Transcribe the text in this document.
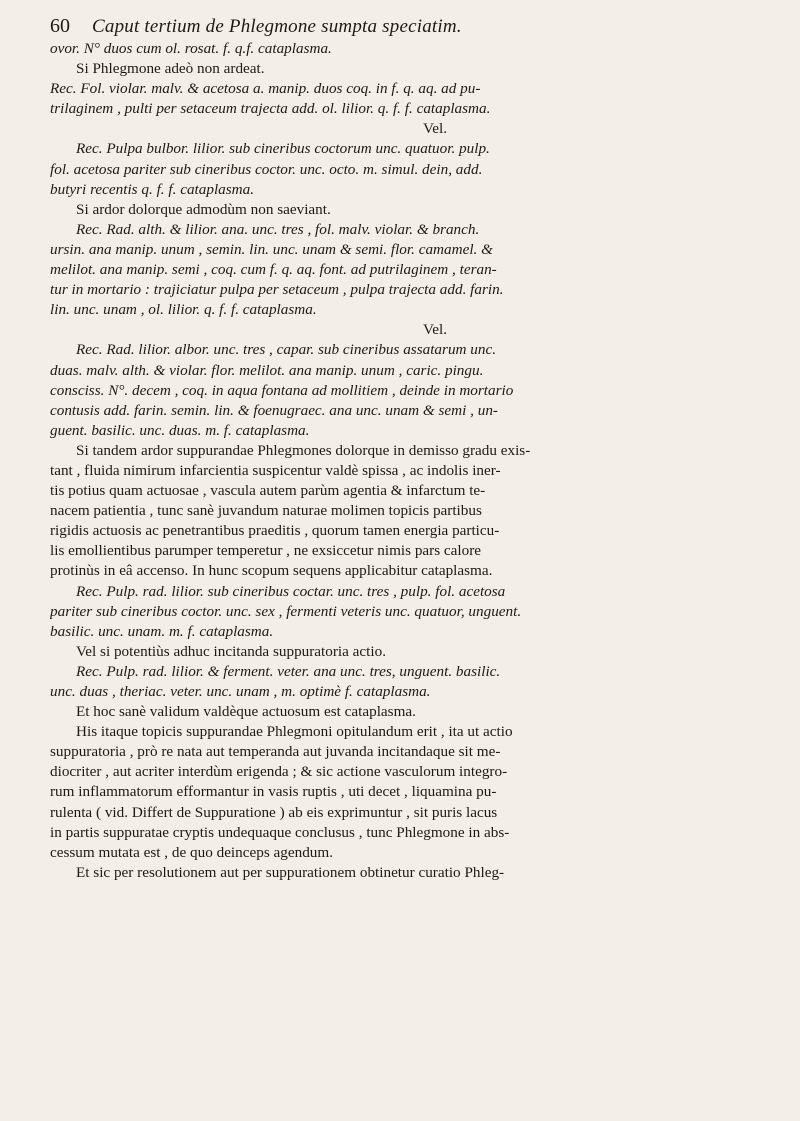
60 Caput tertium de Phlegmone sumpta speciatim.
ovor. N° duos cum ol. rosat. f. q.f. cataplasma.
Si Phlegmone adeò non ardeat.
Rec. Fol. violar. malv. & acetosa a. manip. duos coq. in f. q. aq. ad pu-
trilaginem , pulti per setaceum trajecta add. ol. lilior. q. f. f. cataplasma.
Vel.
Rec. Pulpa bulbor. lilior. sub cineribus coctorum unc. quatuor. pulp.
fol. acetosa pariter sub cineribus coctor. unc. octo. m. simul. dein, add.
butyri recentis q. f. f. cataplasma.
Si ardor dolorque admodùm non saeviant.
Rec. Rad. alth. & lilior. ana. unc. tres , fol. malv. violar. & branch.
ursin. ana manip. unum , semin. lin. unc. unam & semi. flor. camamel. &
melilot. ana manip. semi , coq. cum f. q. aq. font. ad putrilaginem , teran-
tur in mortario : trajiciatur pulpa per setaceum , pulpa trajecta add. farin.
lin. unc. unam , ol. lilior. q. f. f. cataplasma.
Vel.
Rec. Rad. lilior. albor. unc. tres , capar. sub cineribus assatarum unc.
duas. malv. alth. & violar. flor. melilot. ana manip. unum , caric. pingu.
consciss. N°. decem , coq. in aqua fontana ad mollitiem , deinde in mortario
contusis add. farin. semin. lin. & foenugraec. ana unc. unam & semi , un-
guent. basilic. unc. duas. m. f. cataplasma.
Si tandem ardor suppurandae Phlegmones dolorque in demisso gradu exis-
tant , fluida nimirum infarcientia suspicentur valdè spissa , ac indolis iner-
tis potius quam actuosae , vascula autem parùm agentia & infarctum te-
nacem patientia , tunc sanè juvandum naturae molimen topicis partibus
rigidis actuosis ac penetrantibus praeditis , quorum tamen energia particu-
lis emollientibus parumper temperetur , ne exsiccetur nimis pars calore
protinùs in eâ accenso. In hunc scopum sequens applicabitur cataplasma.
Rec. Pulp. rad. lilior. sub cineribus coctar. unc. tres , pulp. fol. acetosa
pariter sub cineribus coctor. unc. sex , fermenti veteris unc. quatuor, unguent.
basilic. unc. unam. m. f. cataplasma.
Vel si potentiùs adhuc incitanda suppuratoria actio.
Rec. Pulp. rad. lilior. & ferment. veter. ana unc. tres, unguent. basilic.
unc. duas , theriac. veter. unc. unam , m. optimè f. cataplasma.
Et hoc sanè validum valdèque actuosum est cataplasma.
His itaque topicis suppurandae Phlegmoni opitulandum erit , ita ut actio
suppuratoria , prò re nata aut temperanda aut juvanda incitandaque sit me-
diocriter , aut acriter interdùm erigenda ; & sic actione vasculorum integro-
rum inflammatorum efformantur in vasis ruptis , uti decet , liquamina pu-
rulenta ( vid. Differt de Suppuratione ) ab eis exprimuntur , sit puris lacus
in partis suppuratae cryptis undequaque conclusus , tunc Phlegmone in abs-
cessum mutata est , de quo deinceps agendum.
Et sic per resolutionem aut per suppurationem obtinetur curatio Phleg-
